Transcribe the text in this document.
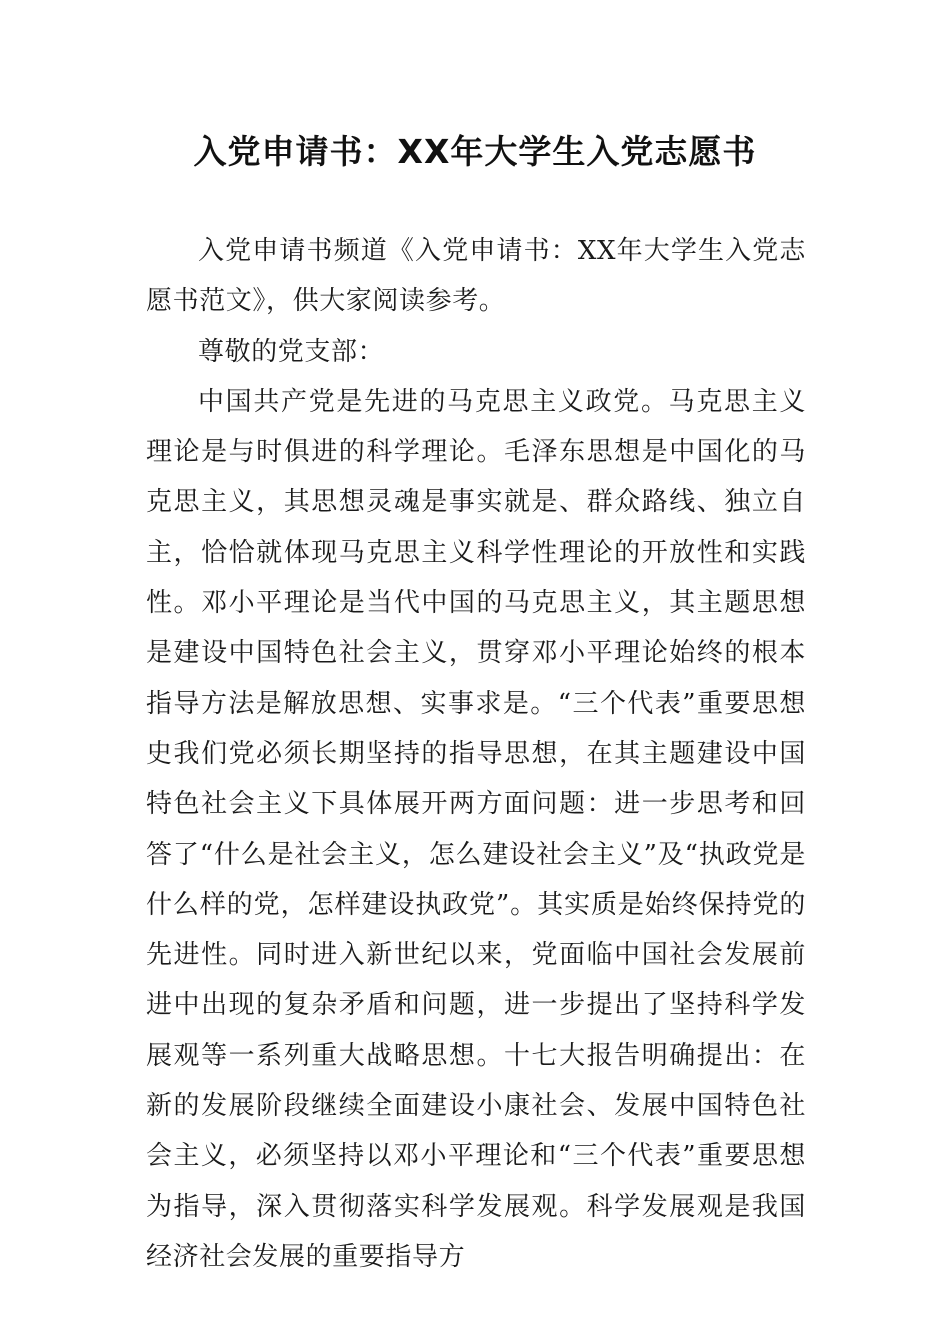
入党申请书：XX年大学生入党志愿书

入党申请书频道《入党申请书：XX年大学生入党志愿书范文》，供大家阅读参考。

尊敬的党支部：

中国共产党是先进的马克思主义政党。马克思主义理论是与时俱进的科学理论。毛泽东思想是中国化的马克思主义，其思想灵魂是事实就是、群众路线、独立自主，恰恰就体现马克思主义科学性理论的开放性和实践性。邓小平理论是当代中国的马克思主义，其主题思想是建设中国特色社会主义，贯穿邓小平理论始终的根本指导方法是解放思想、实事求是。“三个代表”重要思想史我们党必须长期坚持的指导思想，在其主题建设中国特色社会主义下具体展开两方面问题：进一步思考和回答了“什么是社会主义，怎么建设社会主义”及“执政党是什么样的党，怎样建设执政党”。其实质是始终保持党的先进性。同时进入新世纪以来，党面临中国社会发展前进中出现的复杂矛盾和问题，进一步提出了坚持科学发展观等一系列重大战略思想。十七大报告明确提出：在新的发展阶段继续全面建设小康社会、发展中国特色社会主义，必须坚持以邓小平理论和“三个代表”重要思想为指导，深入贯彻落实科学发展观。科学发展观是我国经济社会发展的重要指导方
